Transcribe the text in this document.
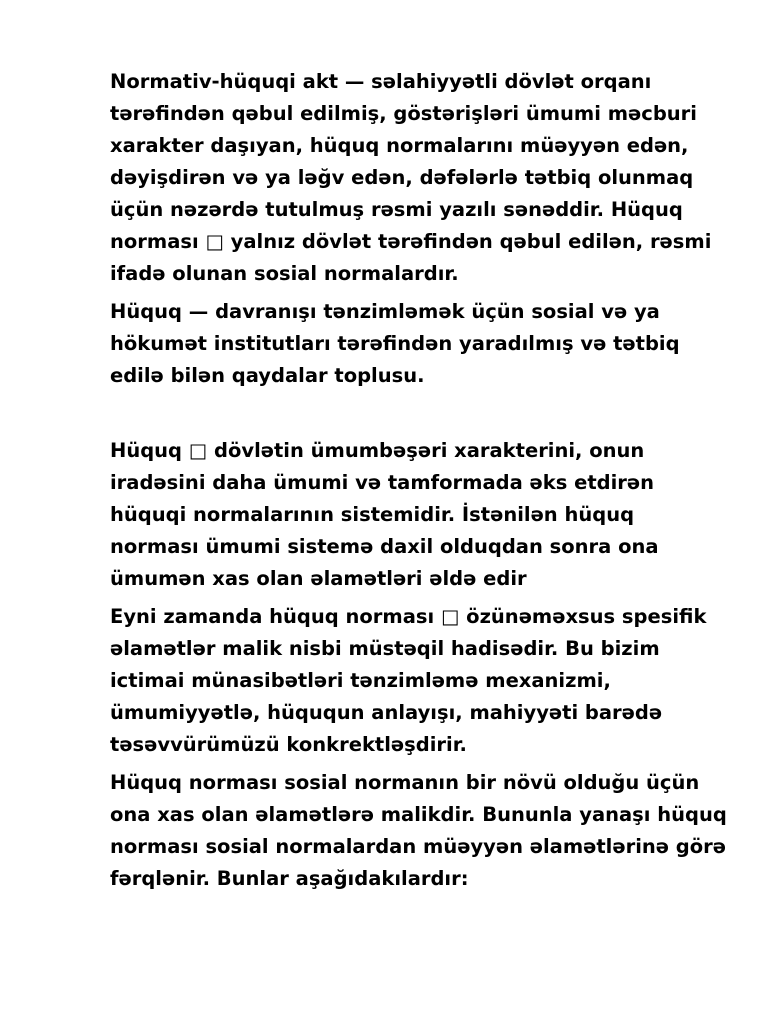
Normativ-hüquqi akt — səlahiyyətli dövlət orqanı
tərəfindən qəbul edilmiş, göstərişləri ümumi məcburi
xarakter daşıyan, hüquq normalarını müəyyən edən,
dəyişdirən və ya ləğv edən, dəfələrlə tətbiq olunmaq
üçün nəzərdə tutulmuş rəsmi yazılı sənəddir. Hüquq
norması □ yalnız dövlət tərəfindən qəbul edilən, rəsmi
ifadə olunan sosial normalardır.

Hüquq — davranışı tənzimləmək üçün sosial və ya
hökumət institutları tərəfindən yaradılmış və tətbiq
edilə bilən qaydalar toplusu.

Hüquq □ dövlətin ümumbəşəri xarakterini, onun
iradəsini daha ümumi və tamformada əks etdirən
hüquqi normalarının sistemidir. İstənilən hüquq
norması ümumi sistemə daxil olduqdan sonra ona
ümumən xas olan əlamətləri əldə edir

Eyni zamanda hüquq norması □ özünəməxsus spesifik
əlamətlər malik nisbi müstəqil hadisədir. Bu bizim
ictimai münasibətləri tənzimləmə mexanizmi,
ümumiyyətlə, hüququn anlayışı, mahiyyəti barədə
təsəvvürümüzü konkrektləşdirir.

Hüquq norması sosial normanın bir növü olduğu üçün
ona xas olan əlamətlərə malikdir. Bununla yanaşı hüquq
norması sosial normalardan müəyyən əlamətlərinə görə
fərqlənir. Bunlar aşağıdakılardır:
